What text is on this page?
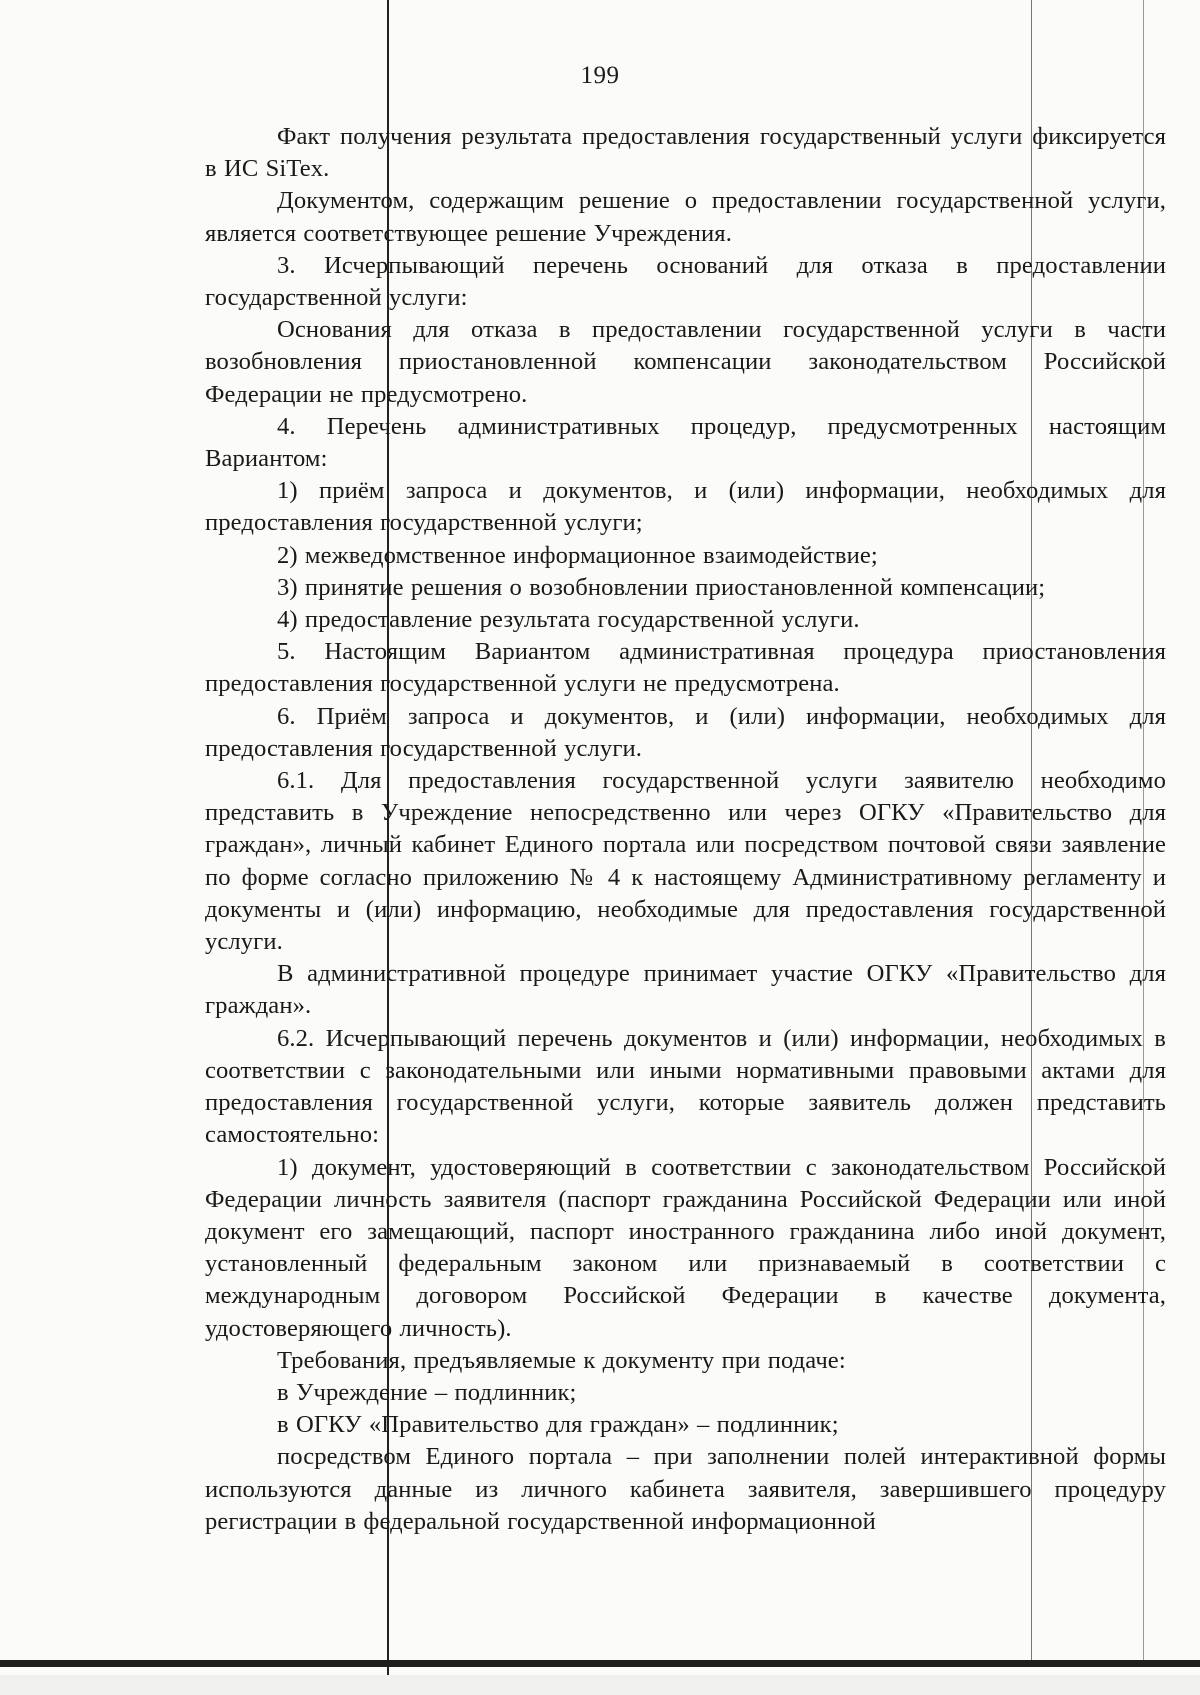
199

Факт получения результата предоставления государственный услуги фиксируется в ИС SiTex.

Документом, содержащим решение о предоставлении государственной услуги, является соответствующее решение Учреждения.

3. Исчерпывающий перечень оснований для отказа в предоставлении государственной услуги:

Основания для отказа в предоставлении государственной услуги в части возобновления приостановленной компенсации законодательством Российской Федерации не предусмотрено.

4. Перечень административных процедур, предусмотренных настоящим Вариантом:

1) приём запроса и документов, и (или) информации, необходимых для предоставления государственной услуги;

2) межведомственное информационное взаимодействие;

3) принятие решения о возобновлении приостановленной компенсации;

4) предоставление результата государственной услуги.

5. Настоящим Вариантом административная процедура приостановления предоставления государственной услуги не предусмотрена.

6. Приём запроса и документов, и (или) информации, необходимых для предоставления государственной услуги.

6.1. Для предоставления государственной услуги заявителю необходимо представить в Учреждение непосредственно или через ОГКУ «Правительство для граждан», личный кабинет Единого портала или посредством почтовой связи заявление по форме согласно приложению № 4 к настоящему Административному регламенту и документы и (или) информацию, необходимые для предоставления государственной услуги.

В административной процедуре принимает участие ОГКУ «Правительство для граждан».

6.2. Исчерпывающий перечень документов и (или) информации, необходимых в соответствии с законодательными или иными нормативными правовыми актами для предоставления государственной услуги, которые заявитель должен представить самостоятельно:

1) документ, удостоверяющий в соответствии с законодательством Российской Федерации личность заявителя (паспорт гражданина Российской Федерации или иной документ его замещающий, паспорт иностранного гражданина либо иной документ, установленный федеральным законом или признаваемый в соответствии с международным договором Российской Федерации в качестве документа, удостоверяющего личность).

Требования, предъявляемые к документу при подаче:

в Учреждение – подлинник;

в ОГКУ «Правительство для граждан» – подлинник;

посредством Единого портала – при заполнении полей интерактивной формы используются данные из личного кабинета заявителя, завершившего процедуру регистрации в федеральной государственной информационной
